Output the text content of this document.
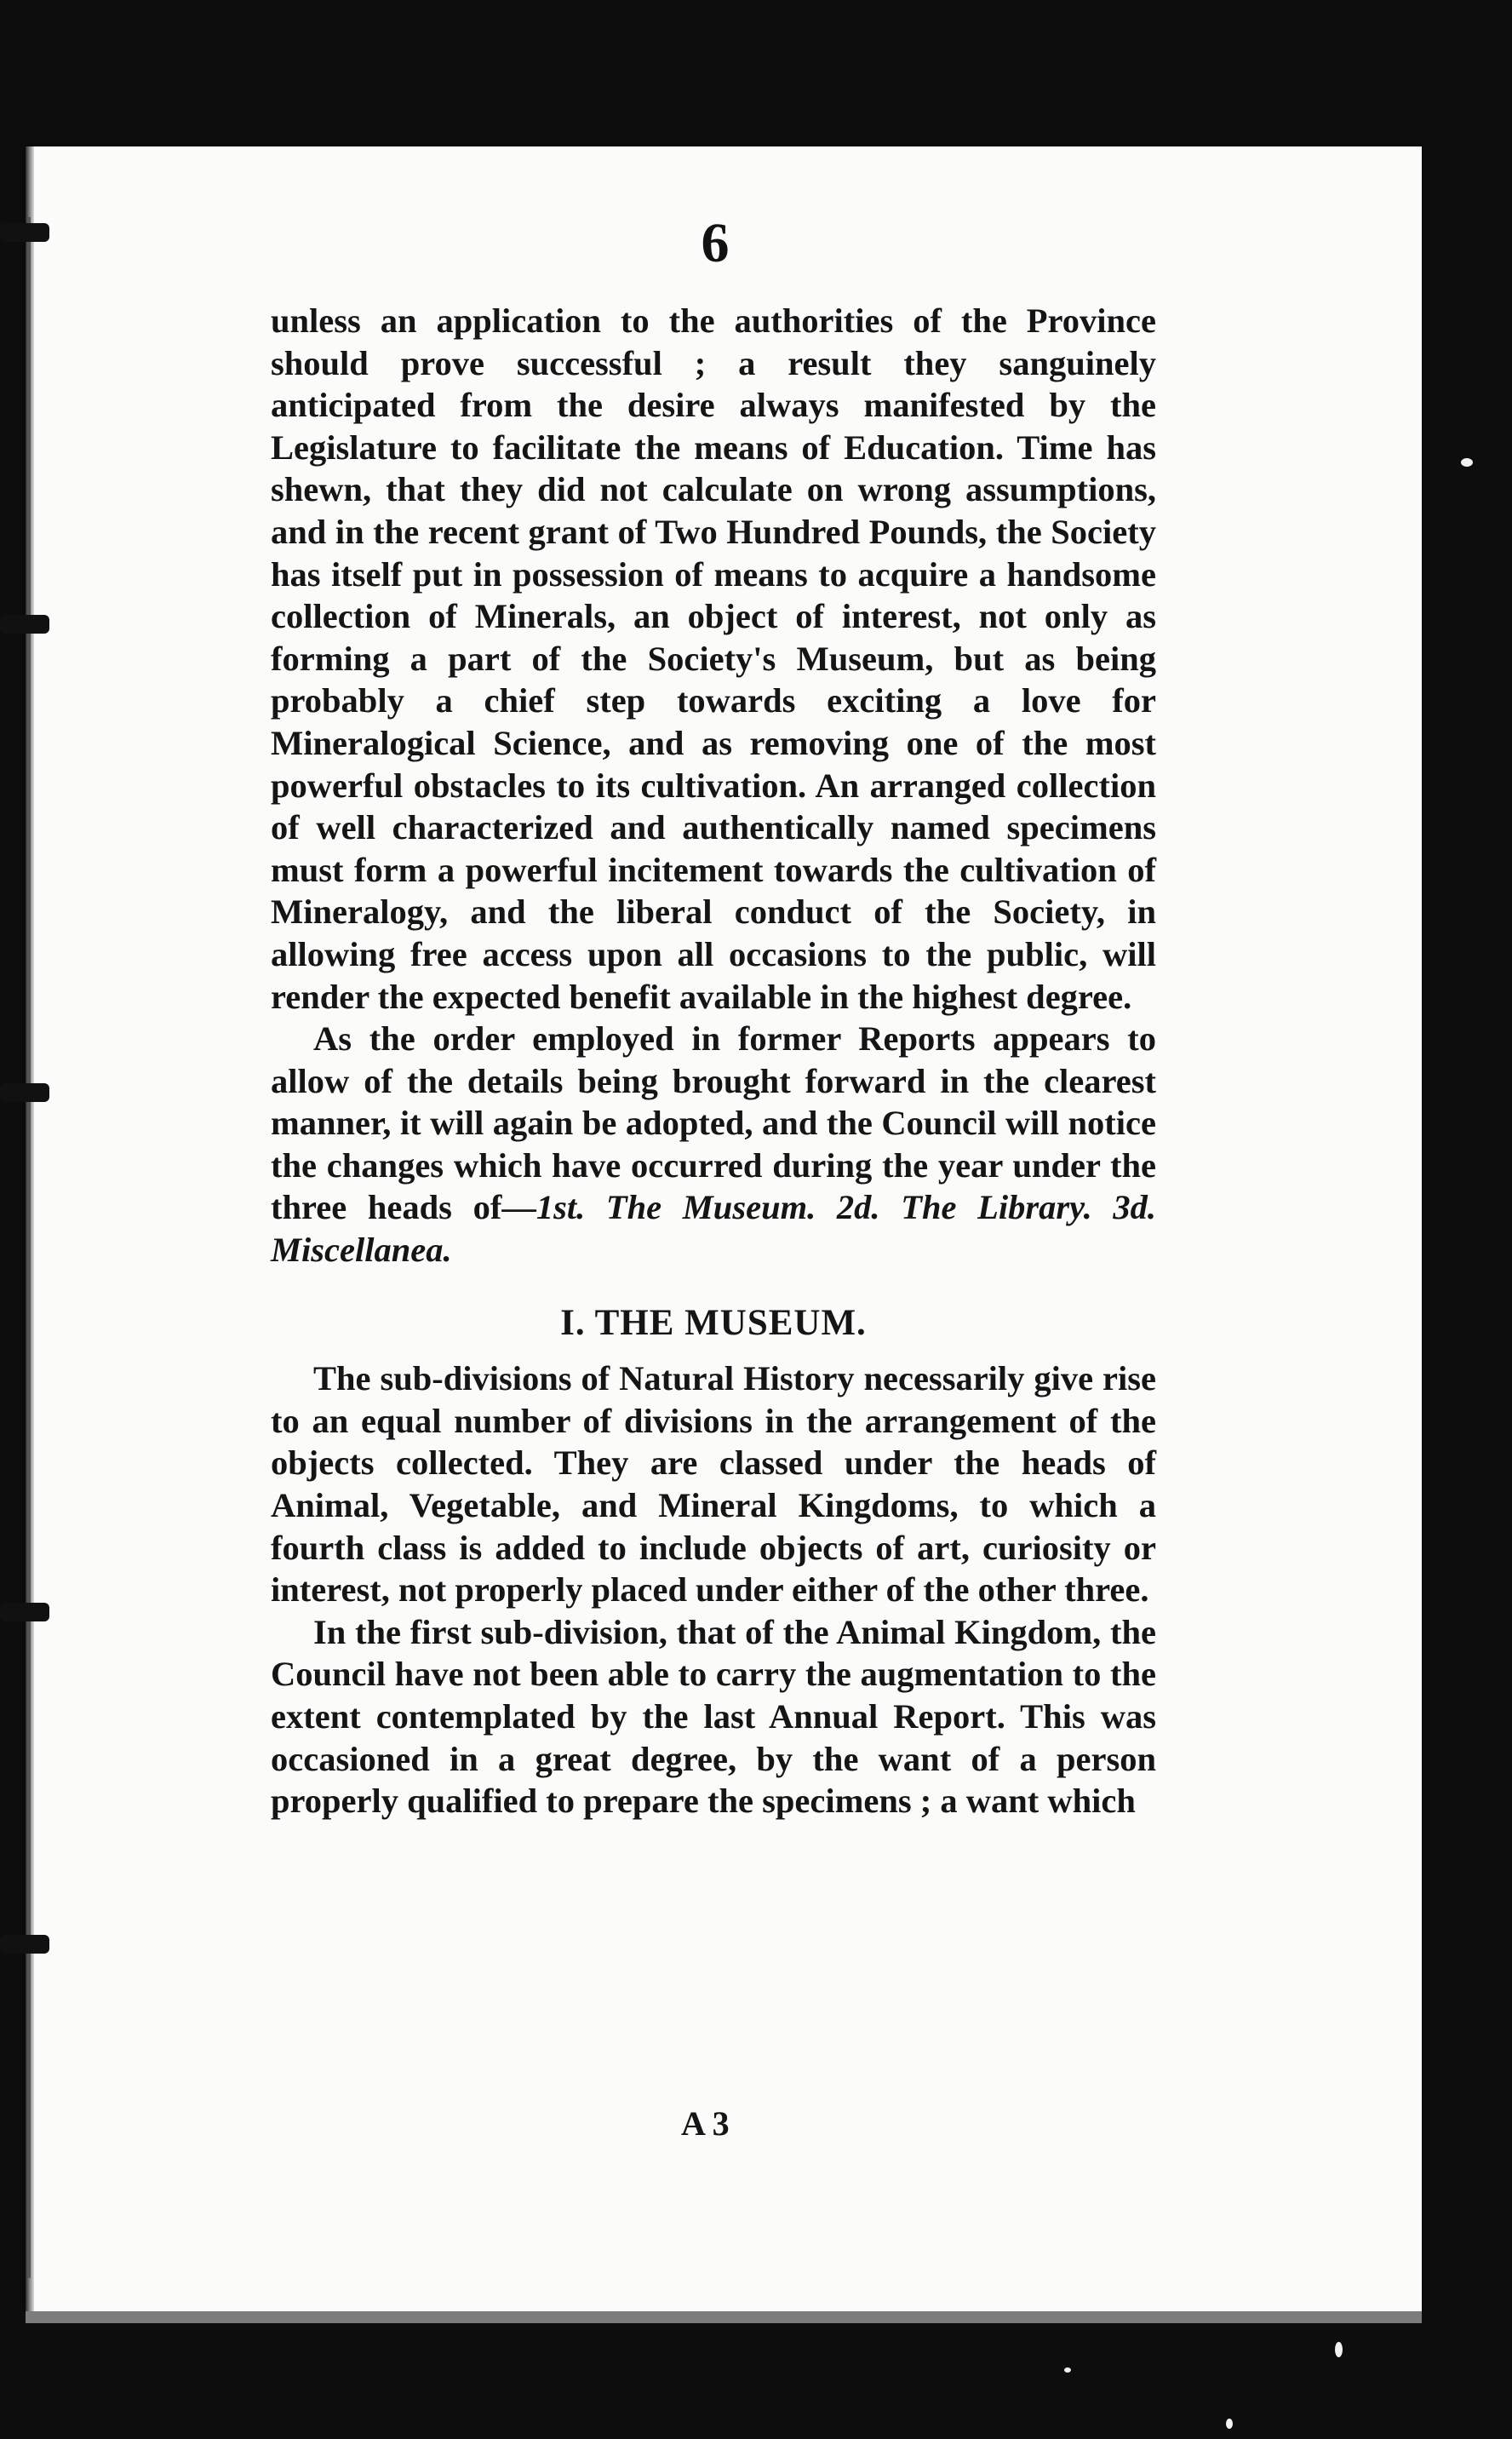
6

unless an application to the authorities of the Province should prove successful ; a result they sanguinely anticipated from the desire always manifested by the Legislature to facilitate the means of Education. Time has shewn, that they did not calculate on wrong assumptions, and in the recent grant of Two Hundred Pounds, the Society has itself put in possession of means to acquire a handsome collection of Minerals, an object of interest, not only as forming a part of the Society's Museum, but as being probably a chief step towards exciting a love for Mineralogical Science, and as removing one of the most powerful obstacles to its cultivation. An arranged collection of well characterized and authentically named specimens must form a powerful incitement towards the cultivation of Mineralogy, and the liberal conduct of the Society, in allowing free access upon all occasions to the public, will render the expected benefit available in the highest degree.

As the order employed in former Reports appears to allow of the details being brought forward in the clearest manner, it will again be adopted, and the Council will notice the changes which have occurred during the year under the three heads of—1st. The Museum. 2d. The Library. 3d. Miscellanea.

I. THE MUSEUM.

The sub-divisions of Natural History necessarily give rise to an equal number of divisions in the arrangement of the objects collected. They are classed under the heads of Animal, Vegetable, and Mineral Kingdoms, to which a fourth class is added to include objects of art, curiosity or interest, not properly placed under either of the other three.

In the first sub-division, that of the Animal Kingdom, the Council have not been able to carry the augmentation to the extent contemplated by the last Annual Report. This was occasioned in a great degree, by the want of a person properly qualified to prepare the specimens ; a want which

A 3
